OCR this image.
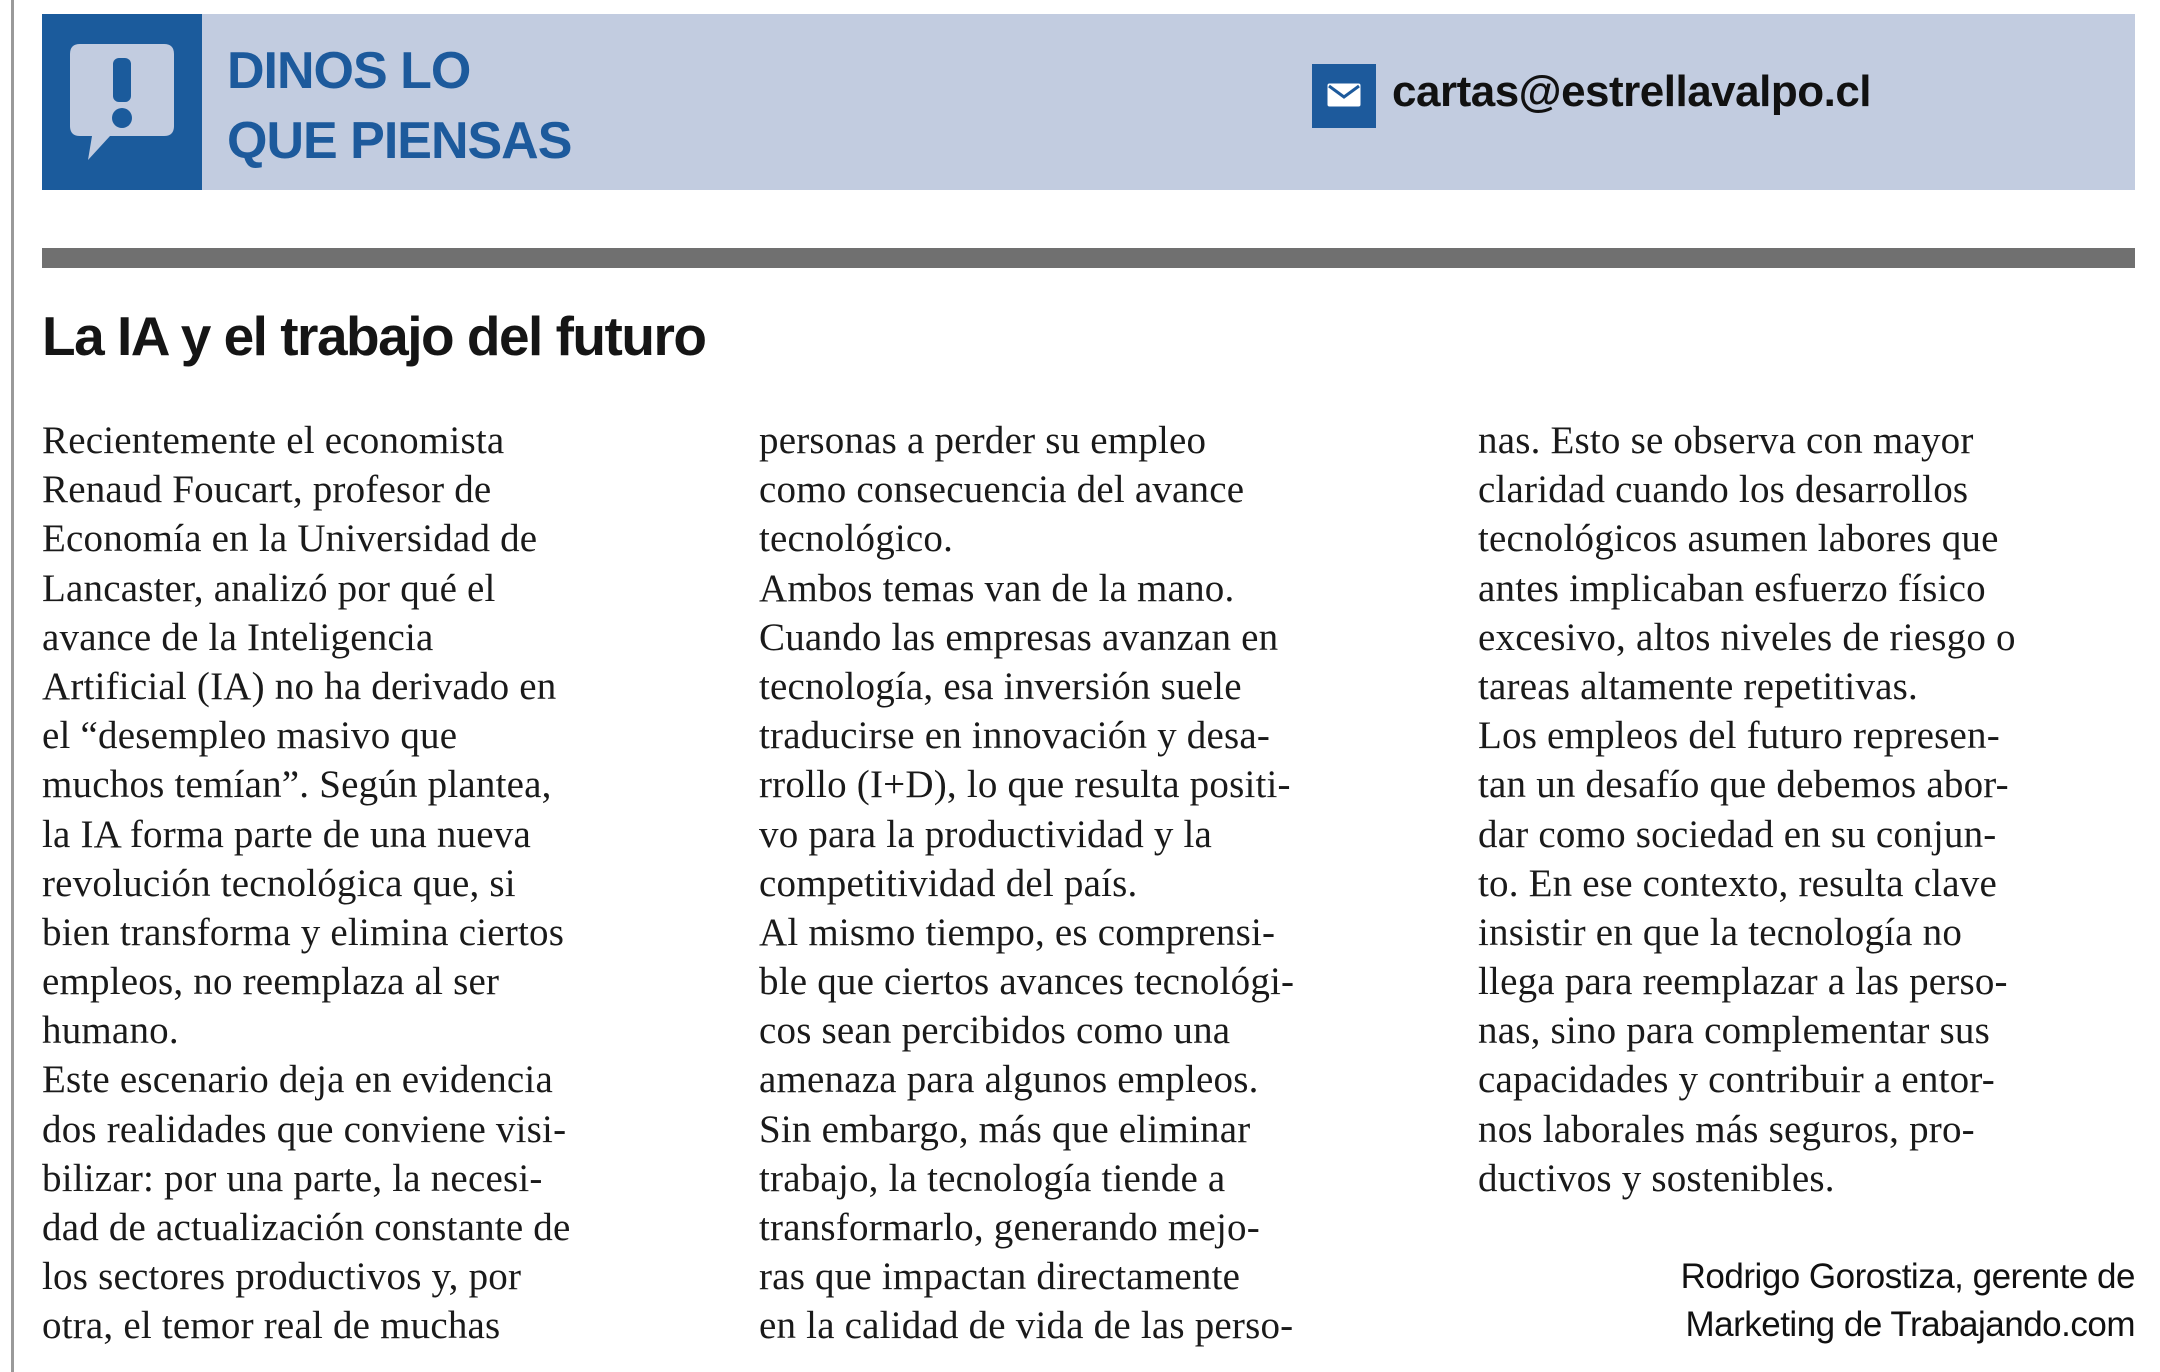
DINOS LO
QUE PIENSAS
cartas@estrellavalpo.cl
La IA y el trabajo del futuro
Recientemente el economista
Renaud Foucart, profesor de
Economía en la Universidad de
Lancaster, analizó por qué el
avance de la Inteligencia
Artificial (IA) no ha derivado en
el “desempleo masivo que
muchos temían”. Según plantea,
la IA forma parte de una nueva
revolución tecnológica que, si
bien transforma y elimina ciertos
empleos, no reemplaza al ser
humano.
Este escenario deja en evidencia
dos realidades que conviene visi-
bilizar: por una parte, la necesi-
dad de actualización constante de
los sectores productivos y, por
otra, el temor real de muchas
personas a perder su empleo
como consecuencia del avance
tecnológico.
Ambos temas van de la mano.
Cuando las empresas avanzan en
tecnología, esa inversión suele
traducirse en innovación y desa-
rrollo (I+D), lo que resulta positi-
vo para la productividad y la
competitividad del país.
Al mismo tiempo, es comprensi-
ble que ciertos avances tecnológi-
cos sean percibidos como una
amenaza para algunos empleos.
Sin embargo, más que eliminar
trabajo, la tecnología tiende a
transformarlo, generando mejo-
ras que impactan directamente
en la calidad de vida de las perso-
nas. Esto se observa con mayor
claridad cuando los desarrollos
tecnológicos asumen labores que
antes implicaban esfuerzo físico
excesivo, altos niveles de riesgo o
tareas altamente repetitivas.
Los empleos del futuro represen-
tan un desafío que debemos abor-
dar como sociedad en su conjun-
to. En ese contexto, resulta clave
insistir en que la tecnología no
llega para reemplazar a las perso-
nas, sino para complementar sus
capacidades y contribuir a entor-
nos laborales más seguros, pro-
ductivos y sostenibles.
Rodrigo Gorostiza, gerente de
Marketing de Trabajando.com
